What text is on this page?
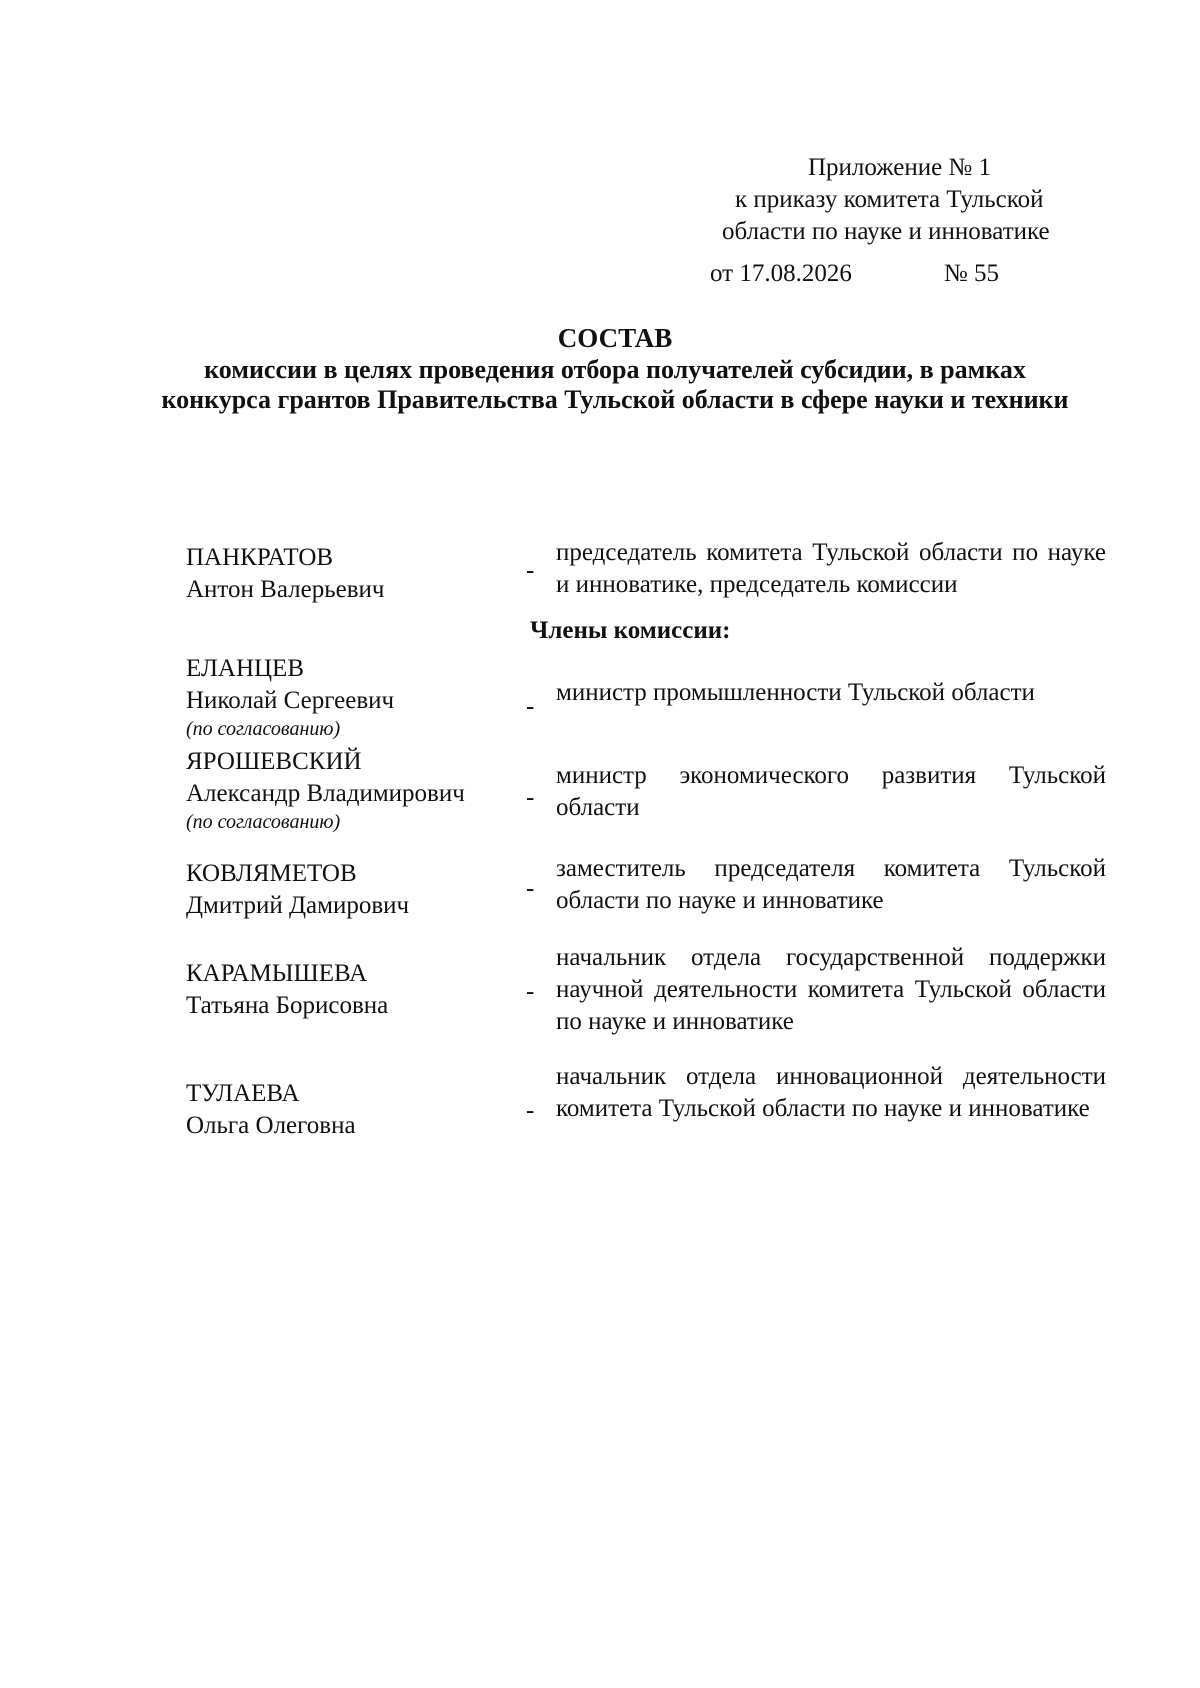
Приложение № 1
к приказу комитета Тульской
области по науке и инноватике
от 17.08.2026	№ 55
СОСТАВ
комиссии в целях проведения отбора получателей субсидии, в рамках конкурса грантов Правительства Тульской области в сфере науки и техники
ПАНКРАТОВ
Антон Валерьевич
-
председатель комитета Тульской области по науке и инноватике, председатель комиссии
Члены комиссии:
ЕЛАНЦЕВ
Николай Сергеевич
(по согласованию)
-
министр промышленности Тульской области
ЯРОШЕВСКИЙ
Александр Владимирович
(по согласованию)
-
министр экономического развития Тульской области
КОВЛЯМЕТОВ
Дмитрий Дамирович
-
заместитель председателя комитета Тульской области по науке и инноватике
КАРАМЫШЕВА
Татьяна Борисовна
-
начальник отдела государственной поддержки научной деятельности комитета Тульской области по науке и инноватике
ТУЛАЕВА
Ольга Олеговна
-
начальник отдела инновационной деятельности комитета Тульской области по науке и инноватике
